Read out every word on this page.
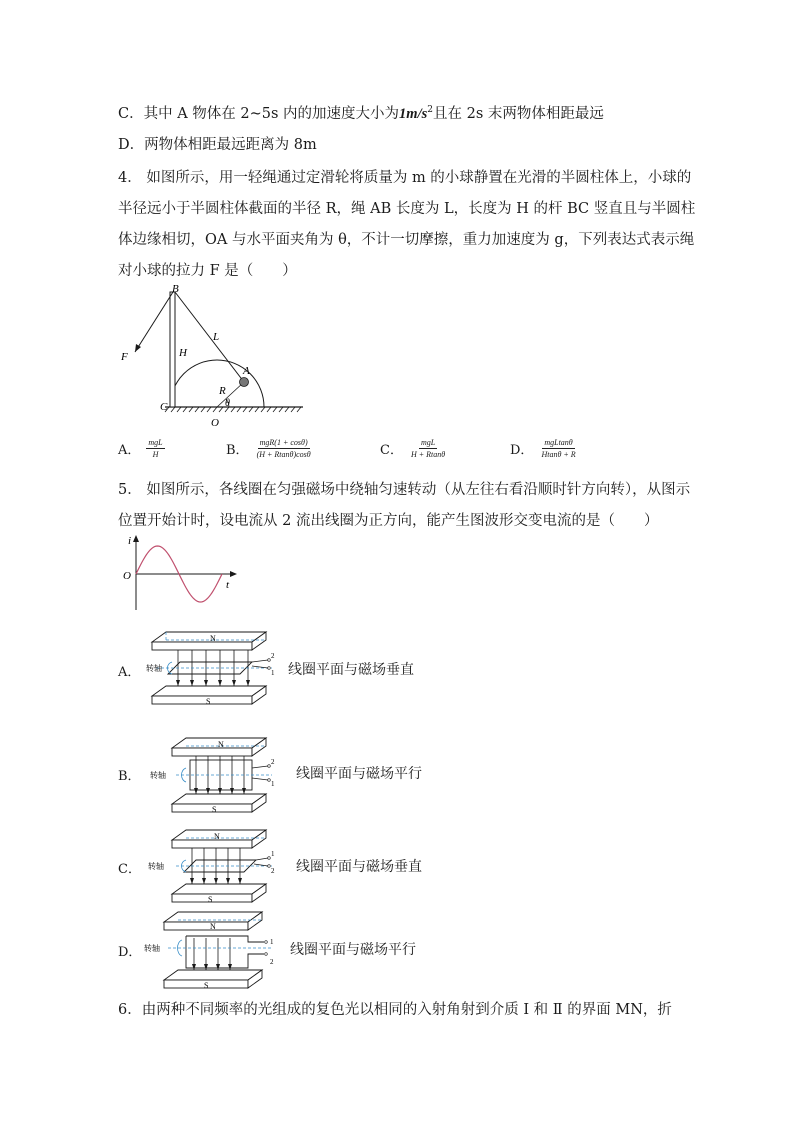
C．其中 A 物体在 2~5s 内的加速度大小为$1m/s^2$且在 2s 末两物体相距最远
D．两物体相距最远距离为 8m
4． 如图所示，用一轻绳通过定滑轮将质量为 m 的小球静置在光滑的半圆柱体上，小球的
半径远小于半圆柱体截面的半径 R，绳 AB 长度为 L，长度为 H 的杆 BC 竖直且与半圆柱
体边缘相切，OA 与水平面夹角为 θ，不计一切摩擦，重力加速度为 g，下列表达式表示绳
对小球的拉力 F 是（　　）
B
L
F	H
A
R
θ
C
O
A． $\frac{\text{mgL}}{H}$	B． $\frac{\text{mgR(1 + cosθ)}}{(H + Rtan\theta)\cos\theta}$	C． $\frac{\text{mgL}}{H + Rtan\theta}$	D． $\frac{\text{mgLtanθ}}{Htan\theta + R}$
5． 如图所示，各线圈在匀强磁场中绕轴匀速转动（从左往右看沿顺时针方向转），从图示
位置开始计时，设电流从 2 流出线圈为正方向，能产生图波形交变电流的是（　　）
i
O
t
A．
N
2
1
转轴
S
线圈平面与磁场垂直
B．
N
2
1
转轴
S
线圈平面与磁场平行
C．
N
1
2
转轴
S
线圈平面与磁场垂直
D．
N
1
2
转轴
S
线圈平面与磁场平行
6．由两种不同频率的光组成的复色光以相同的入射角射到介质 Ⅰ 和 Ⅱ 的界面 MN，折
